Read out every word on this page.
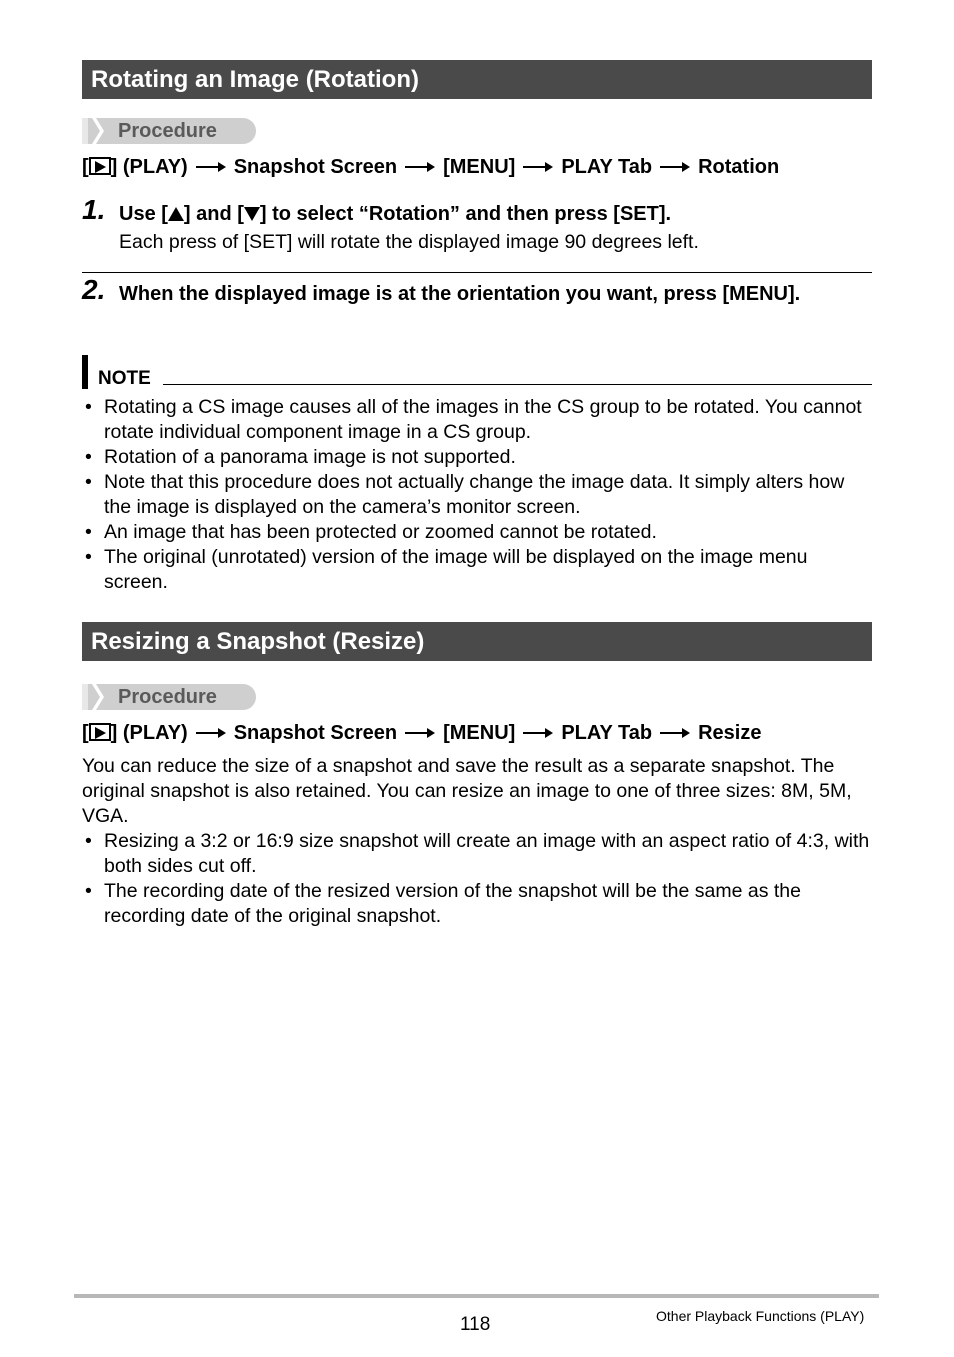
Rotating an Image (Rotation)
Procedure
[ ] (PLAY) Snapshot Screen [MENU] PLAY Tab Rotation
1. Use [ ] and [ ] to select “Rotation” and then press [SET].
Each press of [SET] will rotate the displayed image 90 degrees left.
2. When the displayed image is at the orientation you want, press [MENU].
NOTE
• Rotating a CS image causes all of the images in the CS group to be rotated. You cannot rotate individual component image in a CS group.
• Rotation of a panorama image is not supported.
• Note that this procedure does not actually change the image data. It simply alters how the image is displayed on the camera’s monitor screen.
• An image that has been protected or zoomed cannot be rotated.
• The original (unrotated) version of the image will be displayed on the image menu screen.
Resizing a Snapshot (Resize)
Procedure
[ ] (PLAY) Snapshot Screen [MENU] PLAY Tab Resize
You can reduce the size of a snapshot and save the result as a separate snapshot. The original snapshot is also retained. You can resize an image to one of three sizes: 8M, 5M, VGA.
• Resizing a 3:2 or 16:9 size snapshot will create an image with an aspect ratio of 4:3, with both sides cut off.
• The recording date of the resized version of the snapshot will be the same as the recording date of the original snapshot.
118	Other Playback Functions (PLAY)
